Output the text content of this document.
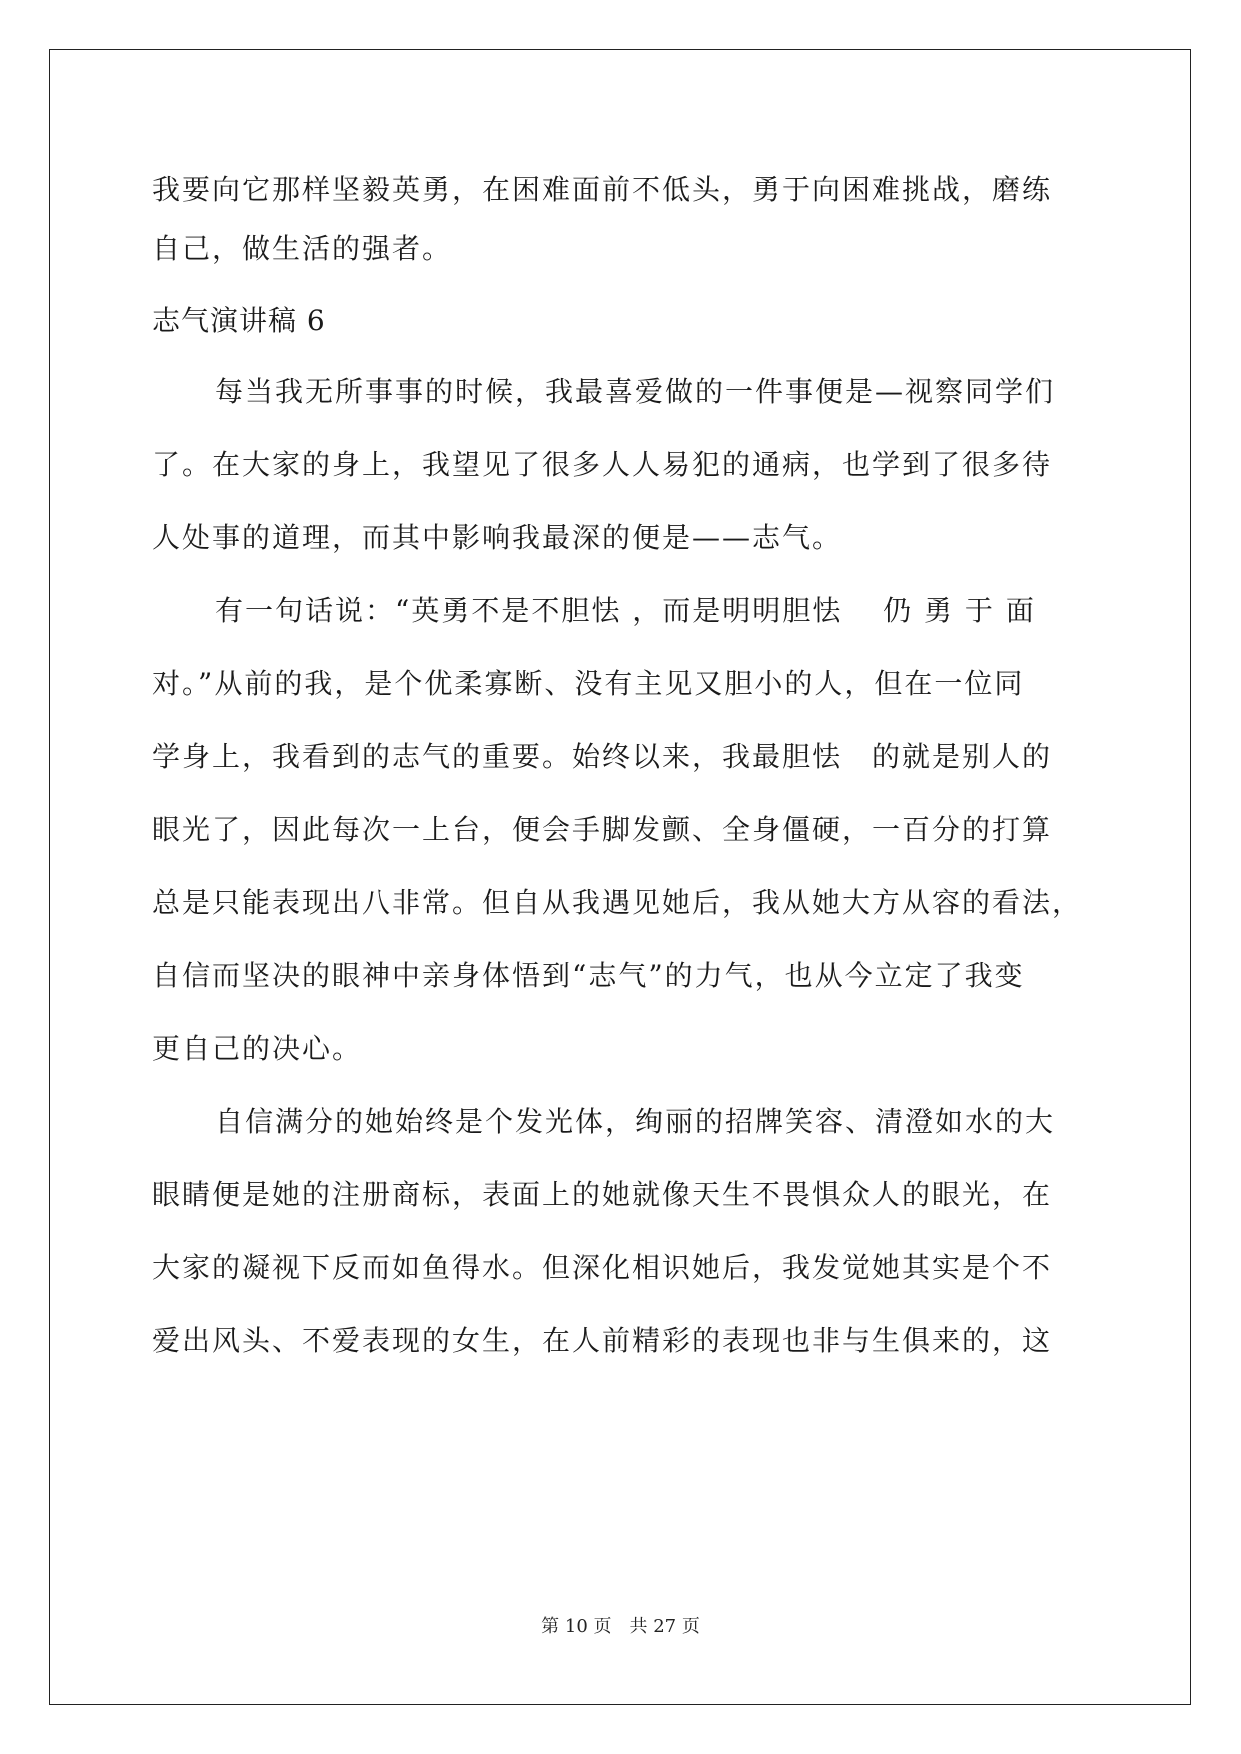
我要向它那样坚毅英勇，在困难面前不低头，勇于向困难挑战，磨练
自己，做生活的强者。
志气演讲稿 6
每当我无所事事的时候，我最喜爱做的一件事便是—视察同学们
了。在大家的身上，我望见了很多人人易犯的通病，也学到了很多待
人处事的道理，而其中影响我最深的便是——志气。
有一句话说：“英勇不是不胆怯 ，而是明明胆怯　 仍 勇 于 面
对。”从前的我，是个优柔寡断、没有主见又胆小的人，但在一位同
学身上，我看到的志气的重要。始终以来，我最胆怯　的就是别人的
眼光了，因此每次一上台，便会手脚发颤、全身僵硬，一百分的打算
总是只能表现出八非常。但自从我遇见她后，我从她大方从容的看法，
自信而坚决的眼神中亲身体悟到“志气”的力气，也从今立定了我变
更自己的决心。
自信满分的她始终是个发光体，绚丽的招牌笑容、清澄如水的大
眼睛便是她的注册商标，表面上的她就像天生不畏惧众人的眼光，在
大家的凝视下反而如鱼得水。但深化相识她后，我发觉她其实是个不
爱出风头、不爱表现的女生，在人前精彩的表现也非与生俱来的，这
第 10 页　共 27 页
